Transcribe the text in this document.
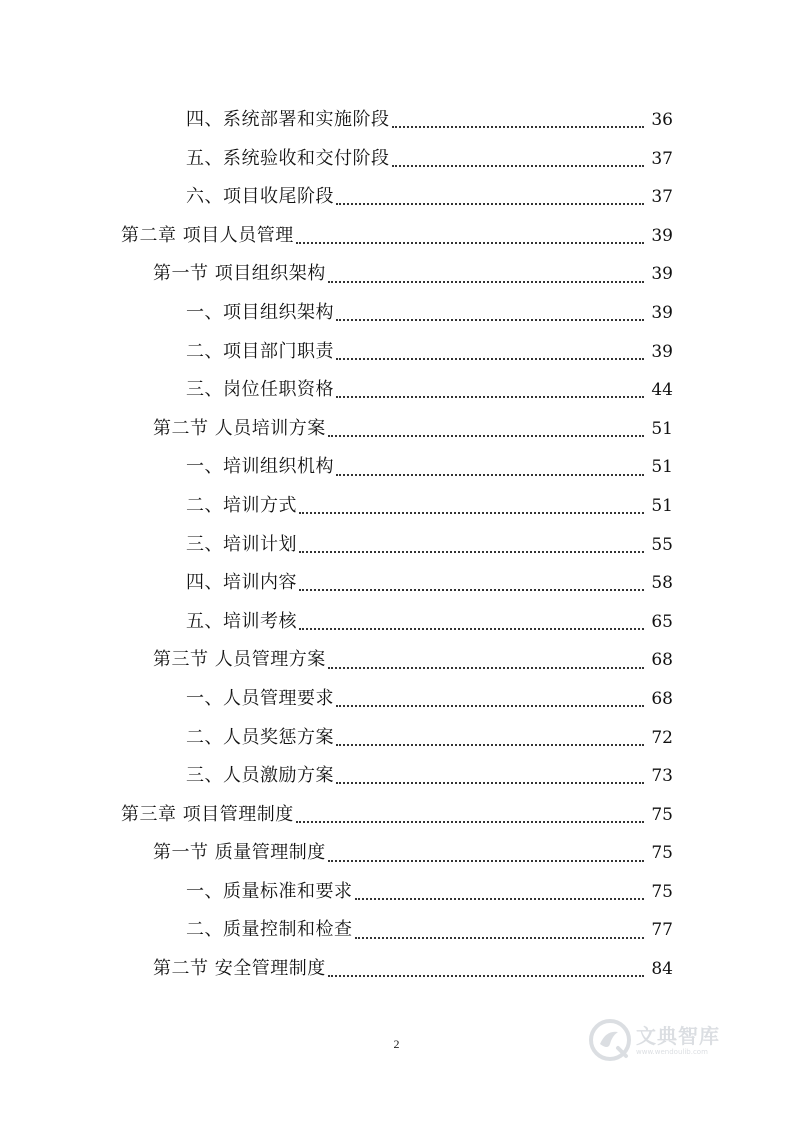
四、系统部署和实施阶段	36
五、系统验收和交付阶段	37
六、项目收尾阶段	37
第二章 项目人员管理	39
第一节 项目组织架构	39
一、项目组织架构	39
二、项目部门职责	39
三、岗位任职资格	44
第二节 人员培训方案	51
一、培训组织机构	51
二、培训方式	51
三、培训计划	55
四、培训内容	58
五、培训考核	65
第三节 人员管理方案	68
一、人员管理要求	68
二、人员奖惩方案	72
三、人员激励方案	73
第三章 项目管理制度	75
第一节 质量管理制度	75
一、质量标准和要求	75
二、质量控制和检查	77
第二节 安全管理制度	84
2	文典智库
www.wendoulib.com
